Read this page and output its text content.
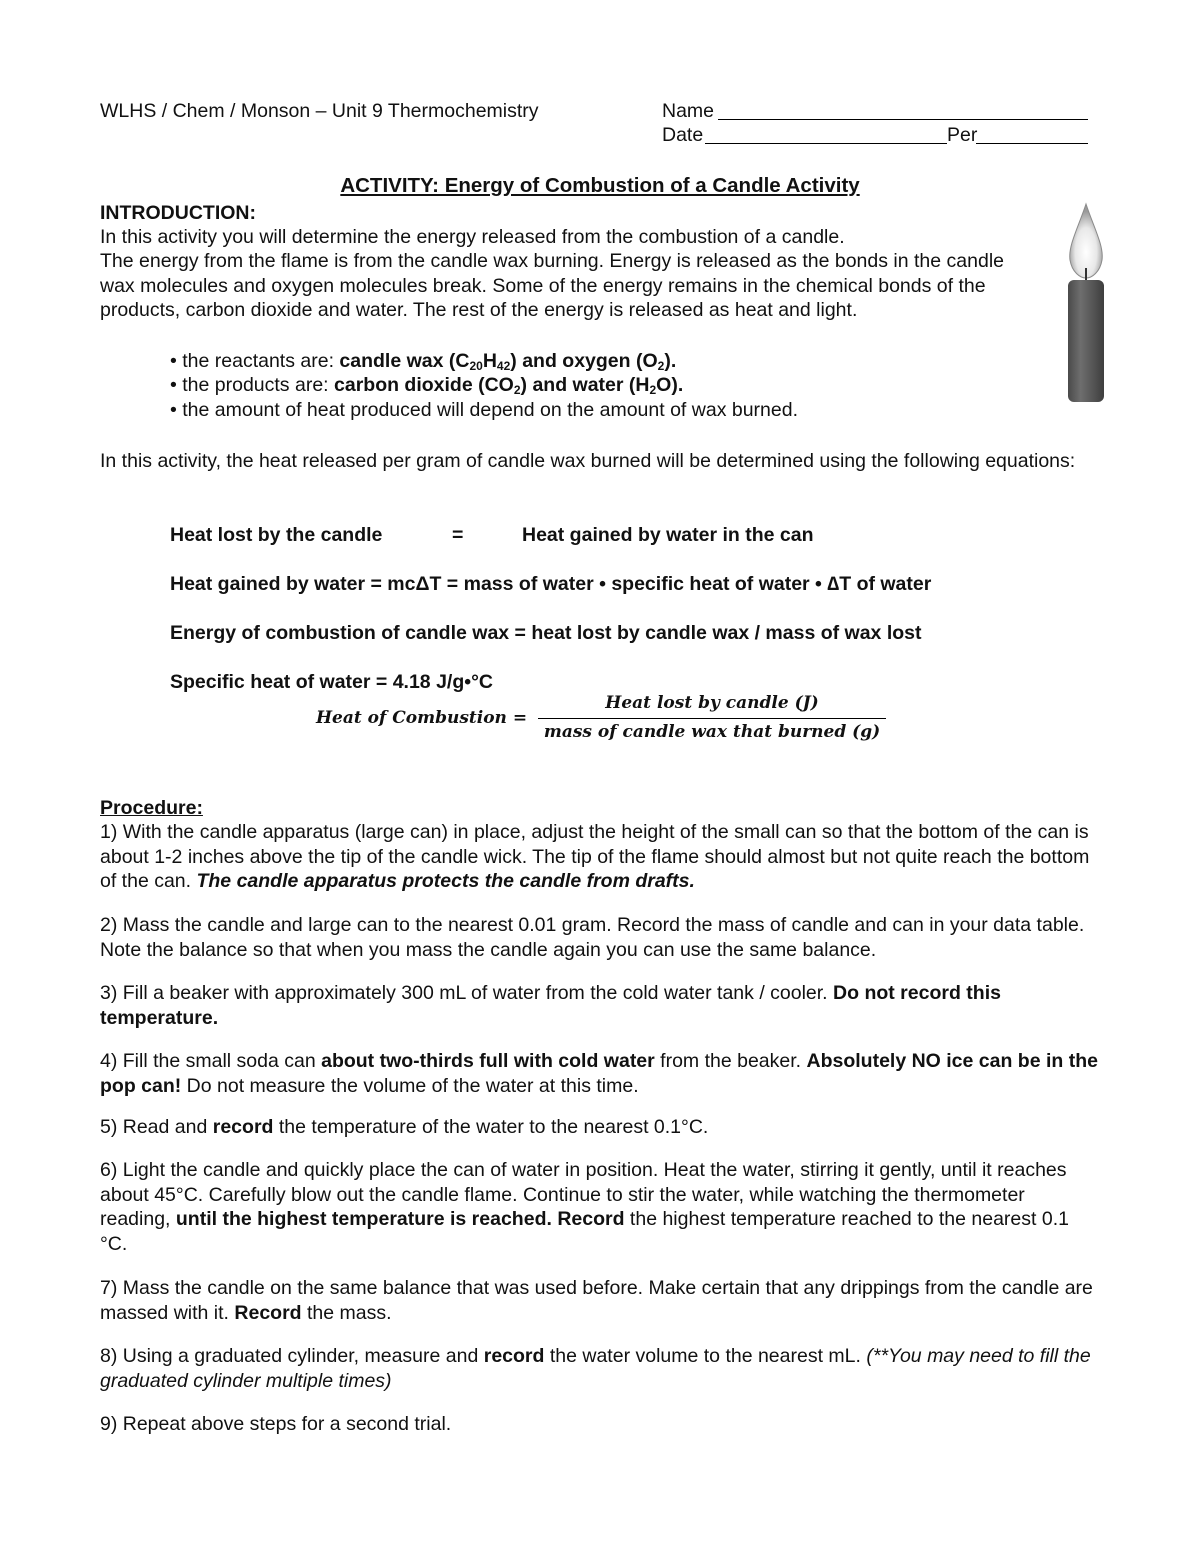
WLHS / Chem / Monson – Unit 9 Thermochemistry	Name
Date	Per
ACTIVITY: Energy of Combustion of a Candle Activity
INTRODUCTION:
In this activity you will determine the energy released from the combustion of a candle.
The energy from the flame is from the candle wax burning. Energy is released as the bonds in the candle wax molecules and oxygen molecules break. Some of the energy remains in the chemical bonds of the products, carbon dioxide and water. The rest of the energy is released as heat and light.
• the reactants are: candle wax $(C_{20}H_{42})$ and oxygen $(O_2)$.
• the products are: carbon dioxide $(CO_2)$ and water $(H_2O)$.
• the amount of heat produced will depend on the amount of wax burned.
In this activity, the heat released per gram of candle wax burned will be determined using the following equations:
Heat lost by the candle	=	Heat gained by water in the can
Heat gained by water = mcΔT = mass of water • specific heat of water • ∆T of water
Energy of combustion of candle wax = heat lost by candle wax / mass of wax lost
Specific heat of water = 4.18 J/g•°C
Heat of Combustion =
Heat lost by candle (J)
mass of candle wax that burned (g)
Procedure:
1) With the candle apparatus (large can) in place, adjust the height of the small can so that the bottom of the can is about 1-2 inches above the tip of the candle wick. The tip of the flame should almost but not quite reach the bottom of the can. The candle apparatus protects the candle from drafts.
2) Mass the candle and large can to the nearest 0.01 gram. Record the mass of candle and can in your data table. Note the balance so that when you mass the candle again you can use the same balance.
3) Fill a beaker with approximately 300 mL of water from the cold water tank / cooler. Do not record this temperature.
4) Fill the small soda can about two-thirds full with cold water from the beaker. Absolutely NO ice can be in the pop can! Do not measure the volume of the water at this time.
5) Read and record the temperature of the water to the nearest 0.1°C.
6) Light the candle and quickly place the can of water in position. Heat the water, stirring it gently, until it reaches about 45°C. Carefully blow out the candle flame. Continue to stir the water, while watching the thermometer reading, until the highest temperature is reached. Record the highest temperature reached to the nearest 0.1 °C.
7) Mass the candle on the same balance that was used before. Make certain that any drippings from the candle are massed with it. Record the mass.
8) Using a graduated cylinder, measure and record the water volume to the nearest mL. (**You may need to fill the graduated cylinder multiple times)
9) Repeat above steps for a second trial.
